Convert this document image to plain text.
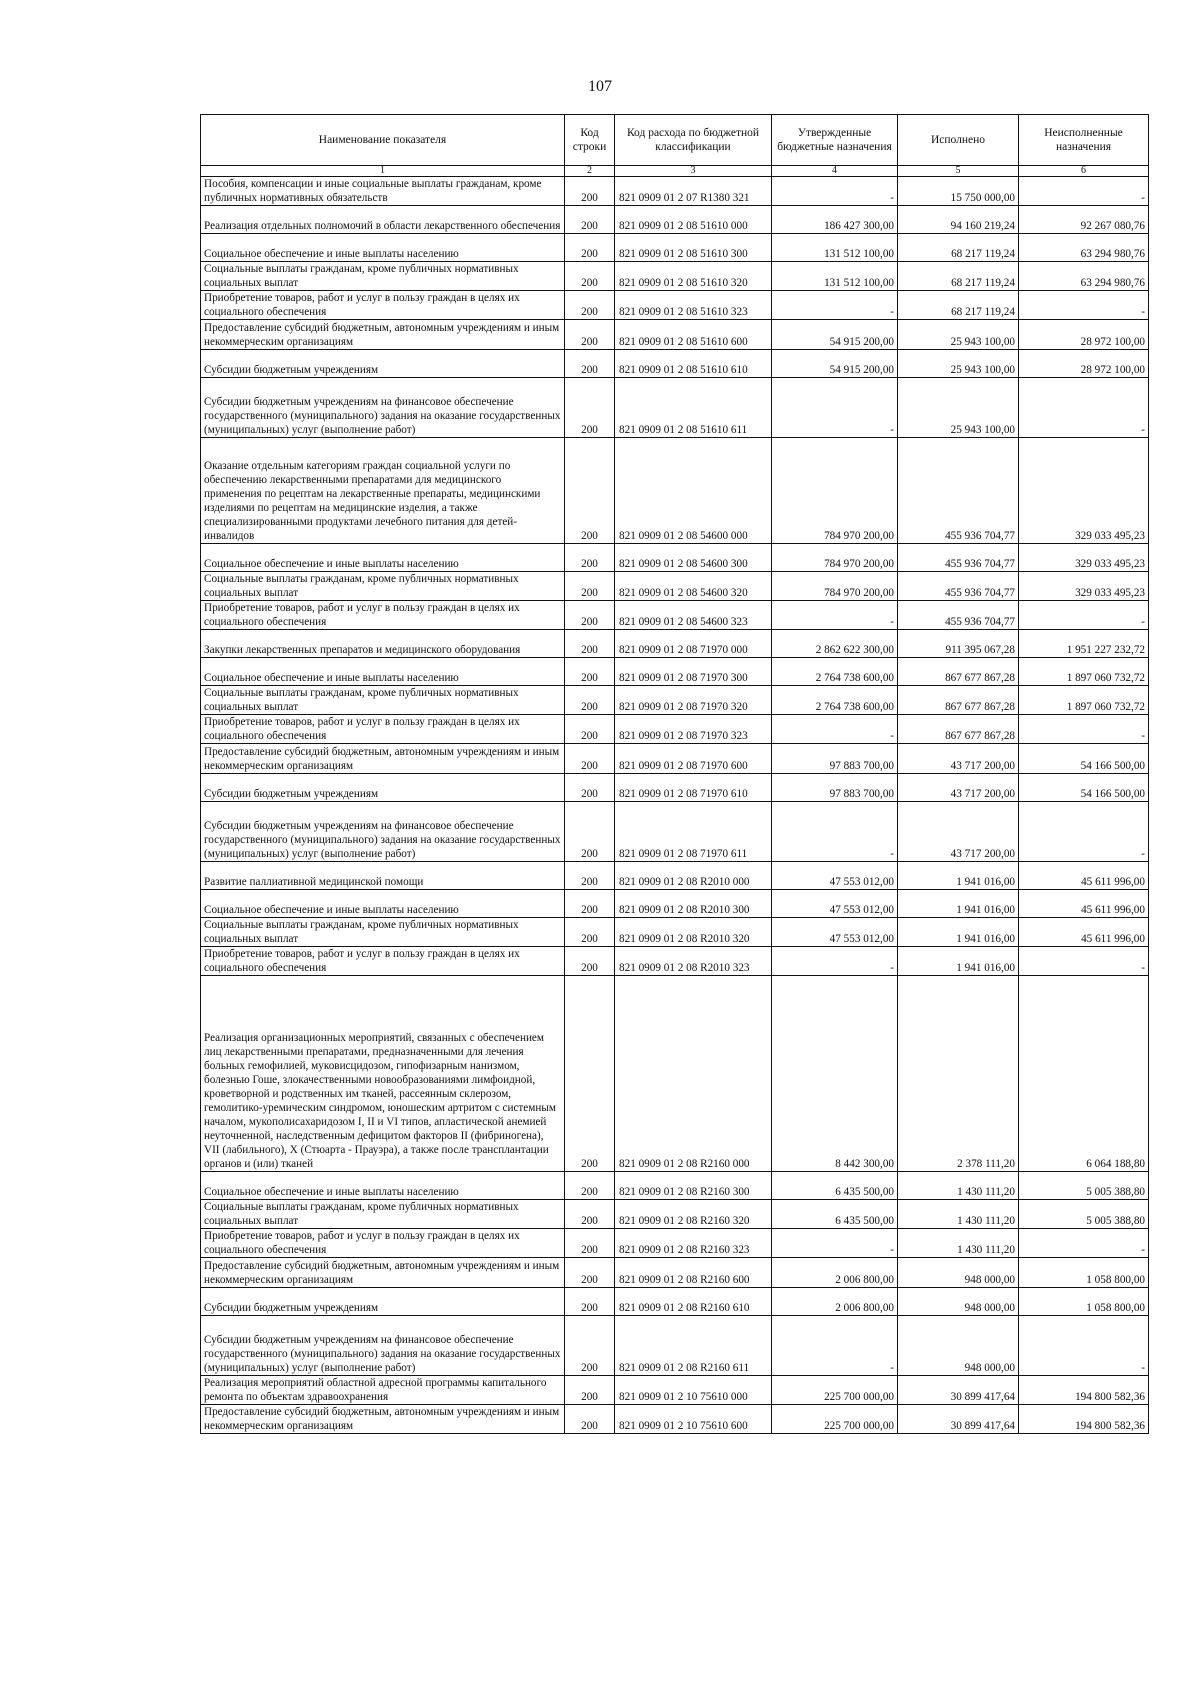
107
Наименование показателя	Код строки	Код расхода по бюджетной классификации	Утвержденные бюджетные назначения	Исполнено	Неисполненные назначения
1	2	3	4	5	6
Пособия, компенсации и иные социальные выплаты гражданам, кроме публичных нормативных обязательств	200	821 0909 01 2 07 R1380 321	-	15 750 000,00	-
Реализация отдельных полномочий в области лекарственного обеспечения	200	821 0909 01 2 08 51610 000	186 427 300,00	94 160 219,24	92 267 080,76
Социальное обеспечение и иные выплаты населению	200	821 0909 01 2 08 51610 300	131 512 100,00	68 217 119,24	63 294 980,76
Социальные выплаты гражданам, кроме публичных нормативных социальных выплат	200	821 0909 01 2 08 51610 320	131 512 100,00	68 217 119,24	63 294 980,76
Приобретение товаров, работ и услуг в пользу граждан в целях их социального обеспечения	200	821 0909 01 2 08 51610 323	-	68 217 119,24	-
Предоставление субсидий бюджетным, автономным учреждениям и иным некоммерческим организациям	200	821 0909 01 2 08 51610 600	54 915 200,00	25 943 100,00	28 972 100,00
Субсидии бюджетным учреждениям	200	821 0909 01 2 08 51610 610	54 915 200,00	25 943 100,00	28 972 100,00
Субсидии бюджетным учреждениям на финансовое обеспечение государственного (муниципального) задания на оказание государственных (муниципальных) услуг (выполнение работ)	200	821 0909 01 2 08 51610 611	-	25 943 100,00	-
Оказание отдельным категориям граждан социальной услуги по обеспечению лекарственными препаратами для медицинского применения по рецептам на лекарственные препараты, медицинскими изделиями по рецептам на медицинские изделия, а также специализированными продуктами лечебного питания для детей-инвалидов	200	821 0909 01 2 08 54600 000	784 970 200,00	455 936 704,77	329 033 495,23
Социальное обеспечение и иные выплаты населению	200	821 0909 01 2 08 54600 300	784 970 200,00	455 936 704,77	329 033 495,23
Социальные выплаты гражданам, кроме публичных нормативных социальных выплат	200	821 0909 01 2 08 54600 320	784 970 200,00	455 936 704,77	329 033 495,23
Приобретение товаров, работ и услуг в пользу граждан в целях их социального обеспечения	200	821 0909 01 2 08 54600 323	-	455 936 704,77	-
Закупки лекарственных препаратов и медицинского оборудования	200	821 0909 01 2 08 71970 000	2 862 622 300,00	911 395 067,28	1 951 227 232,72
Социальное обеспечение и иные выплаты населению	200	821 0909 01 2 08 71970 300	2 764 738 600,00	867 677 867,28	1 897 060 732,72
Социальные выплаты гражданам, кроме публичных нормативных социальных выплат	200	821 0909 01 2 08 71970 320	2 764 738 600,00	867 677 867,28	1 897 060 732,72
Приобретение товаров, работ и услуг в пользу граждан в целях их социального обеспечения	200	821 0909 01 2 08 71970 323	-	867 677 867,28	-
Предоставление субсидий бюджетным, автономным учреждениям и иным некоммерческим организациям	200	821 0909 01 2 08 71970 600	97 883 700,00	43 717 200,00	54 166 500,00
Субсидии бюджетным учреждениям	200	821 0909 01 2 08 71970 610	97 883 700,00	43 717 200,00	54 166 500,00
Субсидии бюджетным учреждениям на финансовое обеспечение государственного (муниципального) задания на оказание государственных (муниципальных) услуг (выполнение работ)	200	821 0909 01 2 08 71970 611	-	43 717 200,00	-
Развитие паллиативной медицинской помощи	200	821 0909 01 2 08 R2010 000	47 553 012,00	1 941 016,00	45 611 996,00
Социальное обеспечение и иные выплаты населению	200	821 0909 01 2 08 R2010 300	47 553 012,00	1 941 016,00	45 611 996,00
Социальные выплаты гражданам, кроме публичных нормативных социальных выплат	200	821 0909 01 2 08 R2010 320	47 553 012,00	1 941 016,00	45 611 996,00
Приобретение товаров, работ и услуг в пользу граждан в целях их социального обеспечения	200	821 0909 01 2 08 R2010 323	-	1 941 016,00	-
Реализация организационных мероприятий, связанных с обеспечением лиц лекарственными препаратами, предназначенными для лечения больных гемофилией, муковисцидозом, гипофизарным нанизмом, болезнью Гоше, злокачественными новообразованиями лимфоидной, кроветворной и родственных им тканей, рассеянным склерозом, гемолитико-уремическим синдромом, юношеским артритом с системным началом, мукополисахаридозом I, II и VI типов, апластической анемией неуточненной, наследственным дефицитом факторов II (фибриногена), VII (лабильного), X (Стюарта - Прауэра), а также после трансплантации органов и (или) тканей	200	821 0909 01 2 08 R2160 000	8 442 300,00	2 378 111,20	6 064 188,80
Социальное обеспечение и иные выплаты населению	200	821 0909 01 2 08 R2160 300	6 435 500,00	1 430 111,20	5 005 388,80
Социальные выплаты гражданам, кроме публичных нормативных социальных выплат	200	821 0909 01 2 08 R2160 320	6 435 500,00	1 430 111,20	5 005 388,80
Приобретение товаров, работ и услуг в пользу граждан в целях их социального обеспечения	200	821 0909 01 2 08 R2160 323	-	1 430 111,20	-
Предоставление субсидий бюджетным, автономным учреждениям и иным некоммерческим организациям	200	821 0909 01 2 08 R2160 600	2 006 800,00	948 000,00	1 058 800,00
Субсидии бюджетным учреждениям	200	821 0909 01 2 08 R2160 610	2 006 800,00	948 000,00	1 058 800,00
Субсидии бюджетным учреждениям на финансовое обеспечение государственного (муниципального) задания на оказание государственных (муниципальных) услуг (выполнение работ)	200	821 0909 01 2 08 R2160 611	-	948 000,00	-
Реализация мероприятий областной адресной программы капитального ремонта по объектам здравоохранения	200	821 0909 01 2 10 75610 000	225 700 000,00	30 899 417,64	194 800 582,36
Предоставление субсидий бюджетным, автономным учреждениям и иным некоммерческим организациям	200	821 0909 01 2 10 75610 600	225 700 000,00	30 899 417,64	194 800 582,36
